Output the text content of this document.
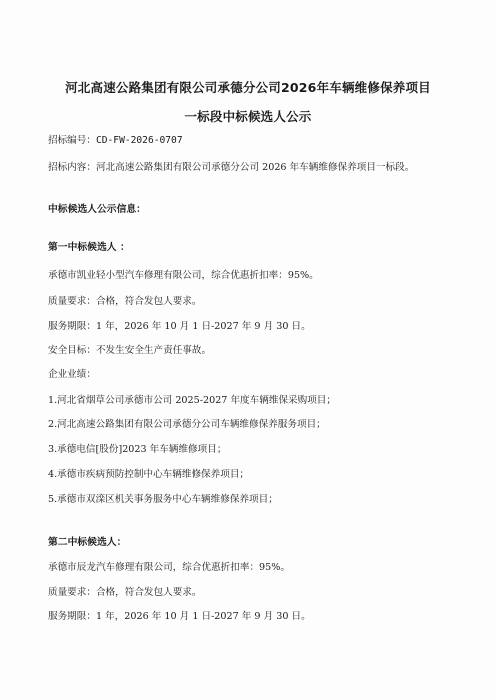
河北高速公路集团有限公司承德分公司2026年车辆维修保养项目
一标段中标候选人公示
招标编号：CD-FW-2026-0707
招标内容：河北高速公路集团有限公司承德分公司 2026 年车辆维修保养项目一标段。
中标候选人公示信息：
第一中标候选人 ：
承德市凯业轻小型汽车修理有限公司，综合优惠折扣率：95%。
质量要求：合格，符合发包人要求。
服务期限：1 年，2026 年 10 月 1 日-2027 年 9 月 30 日。
安全目标：不发生安全生产责任事故。
企业业绩：
1.河北省烟草公司承德市公司 2025-2027 年度车辆维保采购项目；
2.河北高速公路集团有限公司承德分公司车辆维修保养服务项目；
3.承德电信[股份]2023 年车辆维修项目；
4.承德市疾病预防控制中心车辆维修保养项目；
5.承德市双滦区机关事务服务中心车辆维修保养项目；
第二中标候选人：
承德市辰龙汽车修理有限公司，综合优惠折扣率：95%。
质量要求：合格，符合发包人要求。
服务期限：1 年，2026 年 10 月 1 日-2027 年 9 月 30 日。
